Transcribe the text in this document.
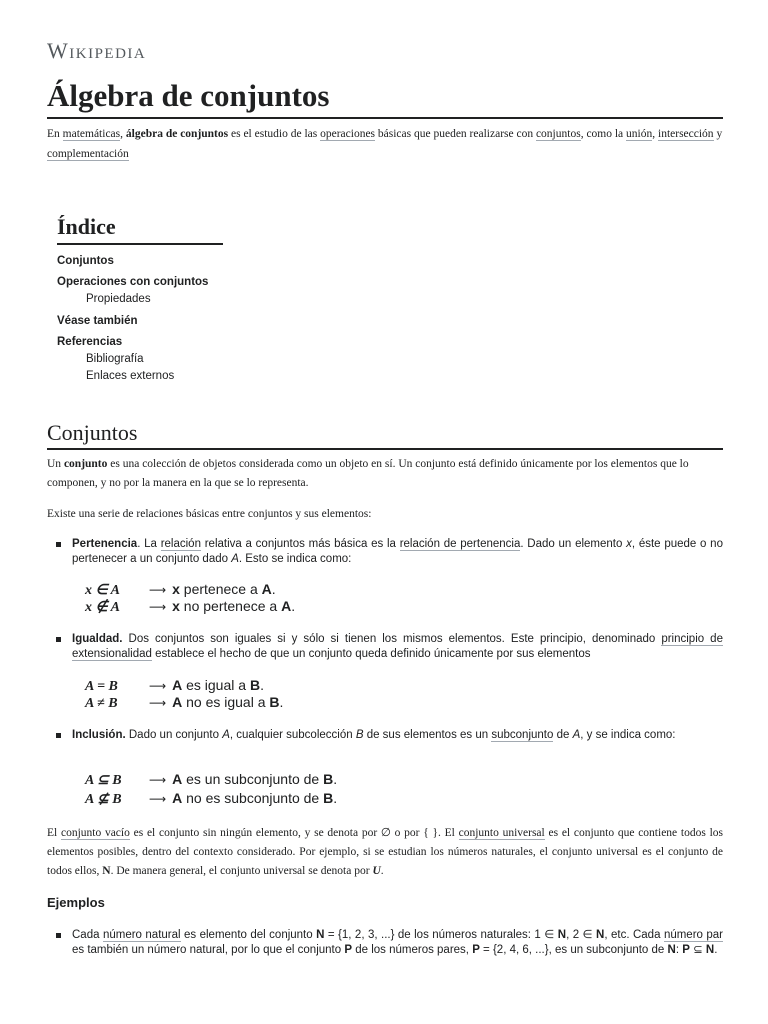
Wikipedia
Álgebra de conjuntos

En matemáticas, álgebra de conjuntos es el estudio de las operaciones básicas que pueden realizarse con conjuntos, como la unión, intersección y complementación

Índice
Conjuntos
Operaciones con conjuntos
Propiedades
Véase también
Referencias
Bibliografía
Enlaces externos
Conjuntos

Un conjunto es una colección de objetos considerada como un objeto en sí. Un conjunto está definido únicamente por los elementos que lo componen, y no por la manera en la que se lo representa.

Existe una serie de relaciones básicas entre conjuntos y sus elementos:

Pertenencia. La relación relativa a conjuntos más básica es la relación de pertenencia. Dado un elemento x, éste puede o no pertenecer a un conjunto dado A. Esto se indica como:
x ∈ A ⟶ x pertenece a A.
x ∉ A ⟶ x no pertenece a A.
Igualdad. Dos conjuntos son iguales si y sólo si tienen los mismos elementos. Este principio, denominado principio de extensionalidad establece el hecho de que un conjunto queda definido únicamente por sus elementos
A = B	⟶ A es igual a B.
A ≠ B	⟶ A no es igual a B.
Inclusión. Dado un conjunto A, cualquier subcolección B de sus elementos es un subconjunto de A, y se indica como:
A ⊆ B ⟶ A es un subconjunto de B.
A ⊈ B ⟶ A no es subconjunto de B.

El conjunto vacío es el conjunto sin ningún elemento, y se denota por ∅ o por { }. El conjunto universal es el conjunto que contiene todos los elementos posibles, dentro del contexto considerado. Por ejemplo, si se estudian los números naturales, el conjunto universal es el conjunto de todos ellos, N. De manera general, el conjunto universal se denota por U.

Ejemplos
Cada número natural es elemento del conjunto N = {1, 2, 3, ...} de los números naturales: 1 ∈ N, 2 ∈ N, etc. Cada número par es también un número natural, por lo que el conjunto P de los números pares, P = {2, 4, 6, ...}, es un subconjunto de N: P ⊆ N.
